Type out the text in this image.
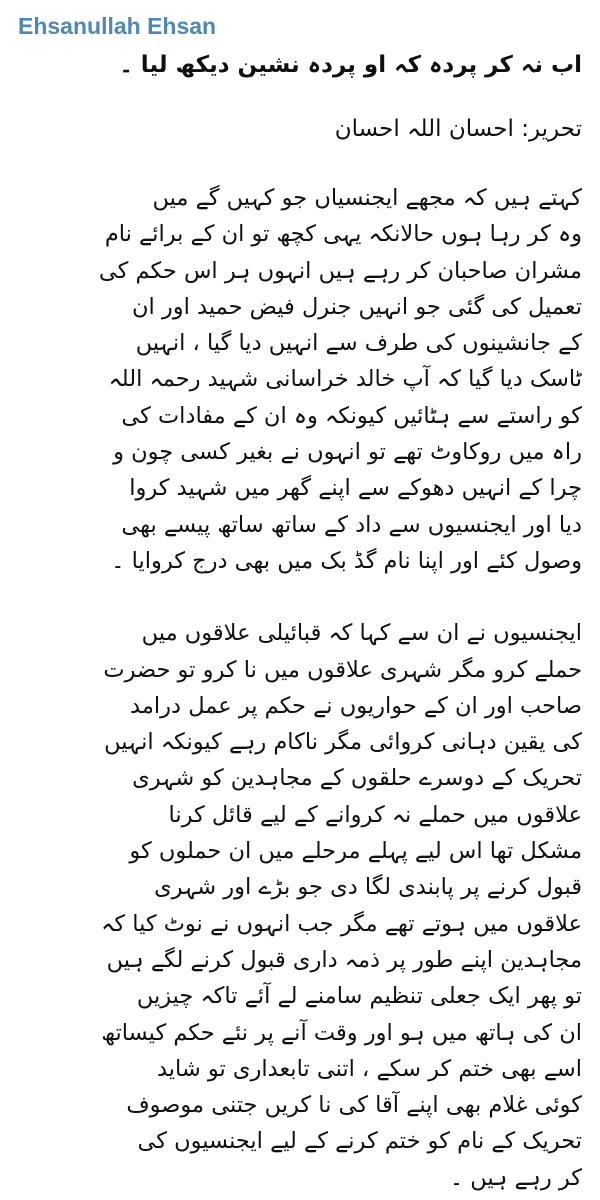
Ehsanullah Ehsan
اب نہ کر پردہ کہ او پردہ نشین دیکھ لیا ۔
تحریر: احسان اللہ احسان
کہتے ہیں کہ مجھے ایجنسیاں جو کہیں گے میں
وہ کر رہا ہوں حالانکہ یہی کچھ تو ان کے برائے نام
مشران صاحبان کر رہے ہیں انہوں ہر اس حکم کی
تعمیل کی گئی جو انہیں جنرل فیض حمید اور ان
کے جانشینوں کی طرف سے انہیں دیا گیا ، انہیں
ٹاسک دیا گیا کہ آپ خالد خراسانی شہید رحمہ اللہ
کو راستے سے ہٹائیں کیونکہ وہ ان کے مفادات کی
راہ میں روکاوٹ تھے تو انہوں نے بغیر کسی چون و
چرا کے انہیں دھوکے سے اپنے گھر میں شہید کروا
دیا اور ایجنسیوں سے داد کے ساتھ ساتھ پیسے بھی
وصول کئے اور اپنا نام گڈ بک میں بھی درج کروایا ۔
ایجنسیوں نے ان سے کہا کہ قبائیلی علاقوں میں
حملے کرو مگر شہری علاقوں میں نا کرو تو حضرت
صاحب اور ان کے حواریوں نے حکم پر عمل درامد
کی یقین دہانی کروائی مگر ناکام رہے کیونکہ انہیں
تحریک کے دوسرے حلقوں کے مجاہدین کو شہری
علاقوں میں حملے نہ کروانے کے لیے قائل کرنا
مشکل تھا اس لیے پہلے مرحلے میں ان حملوں کو
قبول کرنے پر پابندی لگا دی جو بڑے اور شہری
علاقوں میں ہوتے تھے مگر جب انہوں نے نوٹ کیا کہ
مجاہدین اپنے طور پر ذمہ داری قبول کرنے لگے ہیں
تو پھر ایک جعلی تنظیم سامنے لے آئے تاکہ چیزیں
ان کی ہاتھ میں ہو اور وقت آنے پر نئے حکم کیساتھ
اسے بھی ختم کر سکے ، اتنی تابعداری تو شاید
کوئی غلام بھی اپنے آقا کی نا کریں جتنی موصوف
تحریک کے نام کو ختم کرنے کے لیے ایجنسیوں کی
کر رہے ہیں ۔
